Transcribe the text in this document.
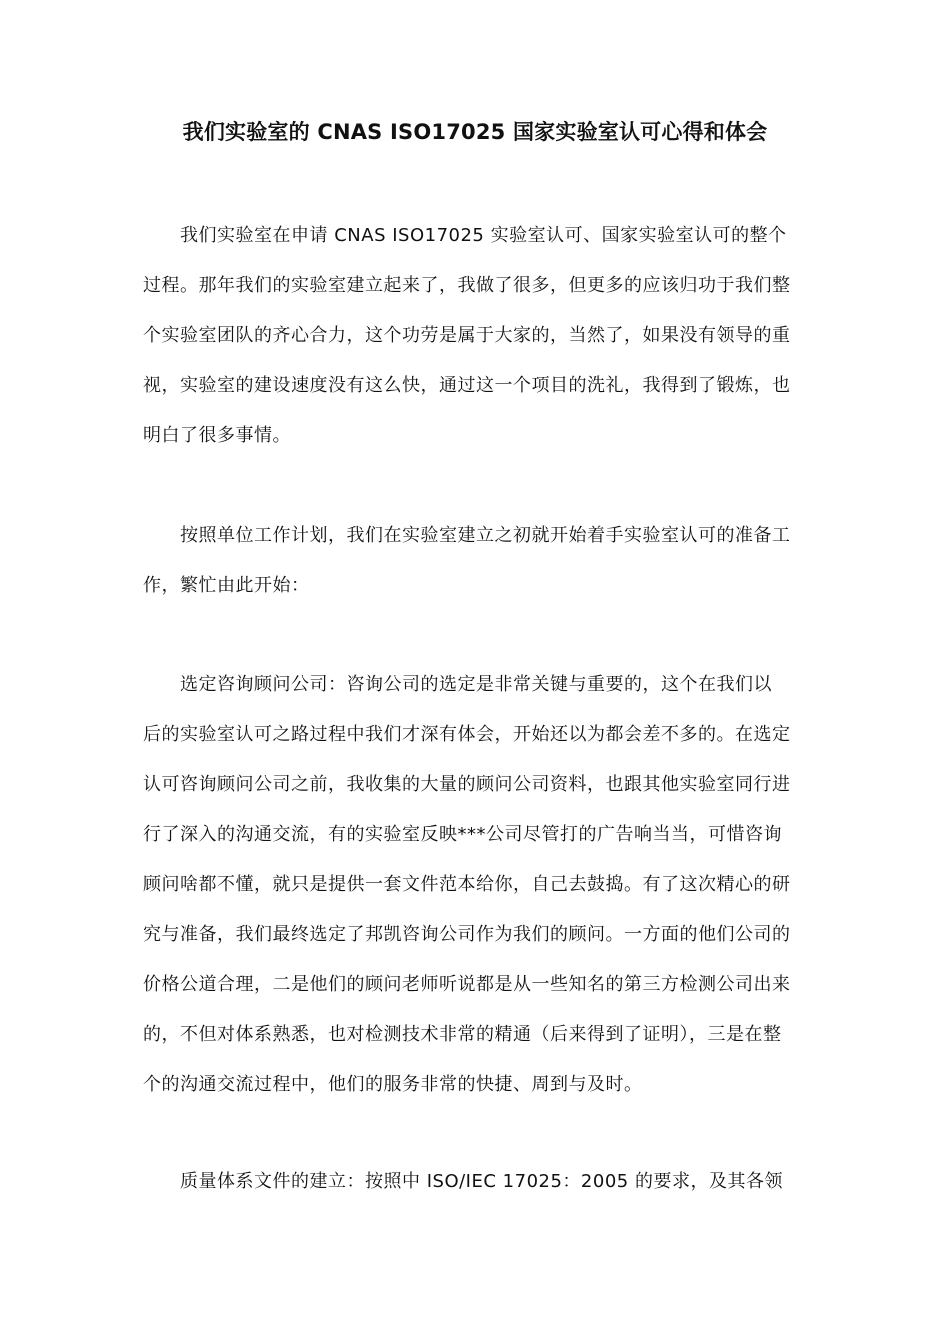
我们实验室的 CNAS ISO17025 国家实验室认可心得和体会
　　我们实验室在申请 CNAS ISO17025 实验室认可、国家实验室认可的整个
过程。那年我们的实验室建立起来了，我做了很多，但更多的应该归功于我们整
个实验室团队的齐心合力，这个功劳是属于大家的，当然了，如果没有领导的重
视，实验室的建设速度没有这么快，通过这一个项目的洗礼，我得到了锻炼，也
明白了很多事情。
　　按照单位工作计划，我们在实验室建立之初就开始着手实验室认可的准备工
作，繁忙由此开始：
　　选定咨询顾问公司：咨询公司的选定是非常关键与重要的，这个在我们以
后的实验室认可之路过程中我们才深有体会，开始还以为都会差不多的。在选定
认可咨询顾问公司之前，我收集的大量的顾问公司资料，也跟其他实验室同行进
行了深入的沟通交流，有的实验室反映***公司尽管打的广告响当当，可惜咨询
顾问啥都不懂，就只是提供一套文件范本给你，自己去鼓捣。有了这次精心的研
究与准备，我们最终选定了邦凯咨询公司作为我们的顾问。一方面的他们公司的
价格公道合理，二是他们的顾问老师听说都是从一些知名的第三方检测公司出来
的，不但对体系熟悉，也对检测技术非常的精通（后来得到了证明），三是在整
个的沟通交流过程中，他们的服务非常的快捷、周到与及时。
　　质量体系文件的建立：按照中 ISO/IEC 17025：2005 的要求，及其各领
